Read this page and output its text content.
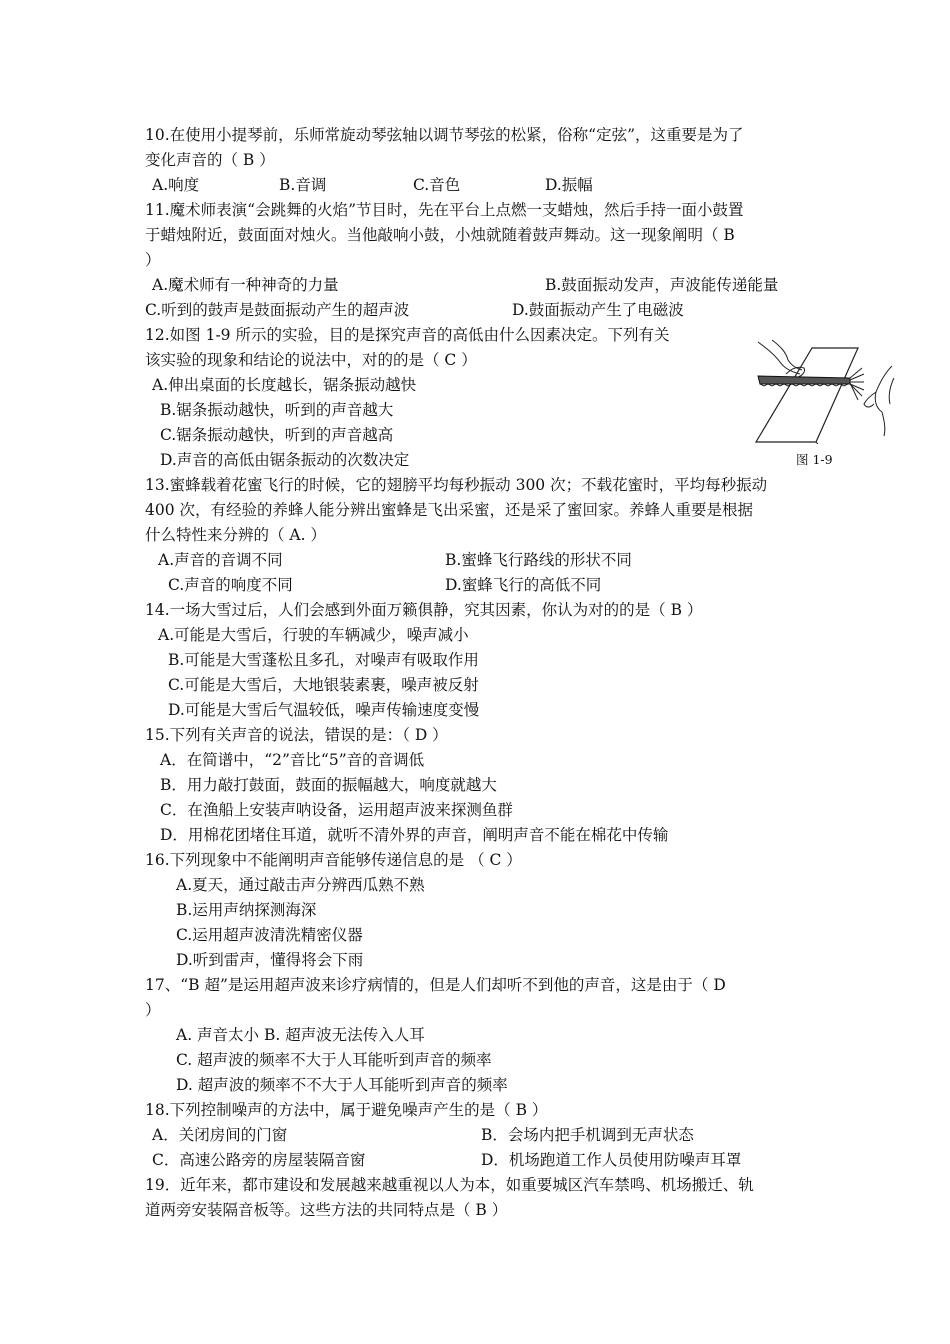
10.在使用小提琴前，乐师常旋动琴弦轴以调节琴弦的松紧，俗称“定弦”，这重要是为了
变化声音的（ B ）
A.响度	B.音调	C.音色	D.振幅
11.魔术师表演“会跳舞的火焰”节目时，先在平台上点燃一支蜡烛，然后手持一面小鼓置
于蜡烛附近，鼓面面对烛火。当他敲响小鼓，小烛就随着鼓声舞动。这一现象阐明（ B
）
A.魔术师有一种神奇的力量	B.鼓面振动发声，声波能传递能量
C.听到的鼓声是鼓面振动产生的超声波	D.鼓面振动产生了电磁波
12.如图 1-9 所示的实验，目的是探究声音的高低由什么因素决定。下列有关
该实验的现象和结论的说法中，对的的是（ C ）
A.伸出桌面的长度越长，锯条振动越快
B.锯条振动越快，听到的声音越大
C.锯条振动越快，听到的声音越高
D.声音的高低由锯条振动的次数决定	图 1-9
13.蜜蜂载着花蜜飞行的时候，它的翅膀平均每秒振动 300 次；不载花蜜时，平均每秒振动
400 次，有经验的养蜂人能分辨出蜜蜂是飞出采蜜，还是采了蜜回家。养蜂人重要是根据
什么特性来分辨的（ A. ）
A.声音的音调不同	B.蜜蜂飞行路线的形状不同
C.声音的响度不同	D.蜜蜂飞行的高低不同
14.一场大雪过后，人们会感到外面万籁俱静，究其因素，你认为对的的是（ B ）
A.可能是大雪后，行驶的车辆减少，噪声减小
B.可能是大雪蓬松且多孔，对噪声有吸取作用
C.可能是大雪后，大地银装素裹，噪声被反射
D.可能是大雪后气温较低，噪声传输速度变慢
15.下列有关声音的说法，错误的是：（ D ）
A．在简谱中，“2”音比“5”音的音调低
B．用力敲打鼓面，鼓面的振幅越大，响度就越大
C．在渔船上安装声呐设备，运用超声波来探测鱼群
D．用棉花团堵住耳道，就听不清外界的声音，阐明声音不能在棉花中传输
16.下列现象中不能阐明声音能够传递信息的是 （ C ）
A.夏天，通过敲击声分辨西瓜熟不熟
B.运用声纳探测海深
C.运用超声波清洗精密仪器
D.听到雷声，懂得将会下雨
17、“B 超”是运用超声波来诊疗病情的，但是人们却听不到他的声音，这是由于（ D
）
A. 声音太小 B. 超声波无法传入人耳
C. 超声波的频率不大于人耳能听到声音的频率
D. 超声波的频率不不大于人耳能听到声音的频率
18.下列控制噪声的方法中，属于避免噪声产生的是（ B ）
A．关闭房间的门窗	B．会场内把手机调到无声状态
C．高速公路旁的房屋装隔音窗	D．机场跑道工作人员使用防噪声耳罩
19．近年来，都市建设和发展越来越重视以人为本，如重要城区汽车禁鸣、机场搬迁、轨
道两旁安装隔音板等。这些方法的共同特点是（ B ）
